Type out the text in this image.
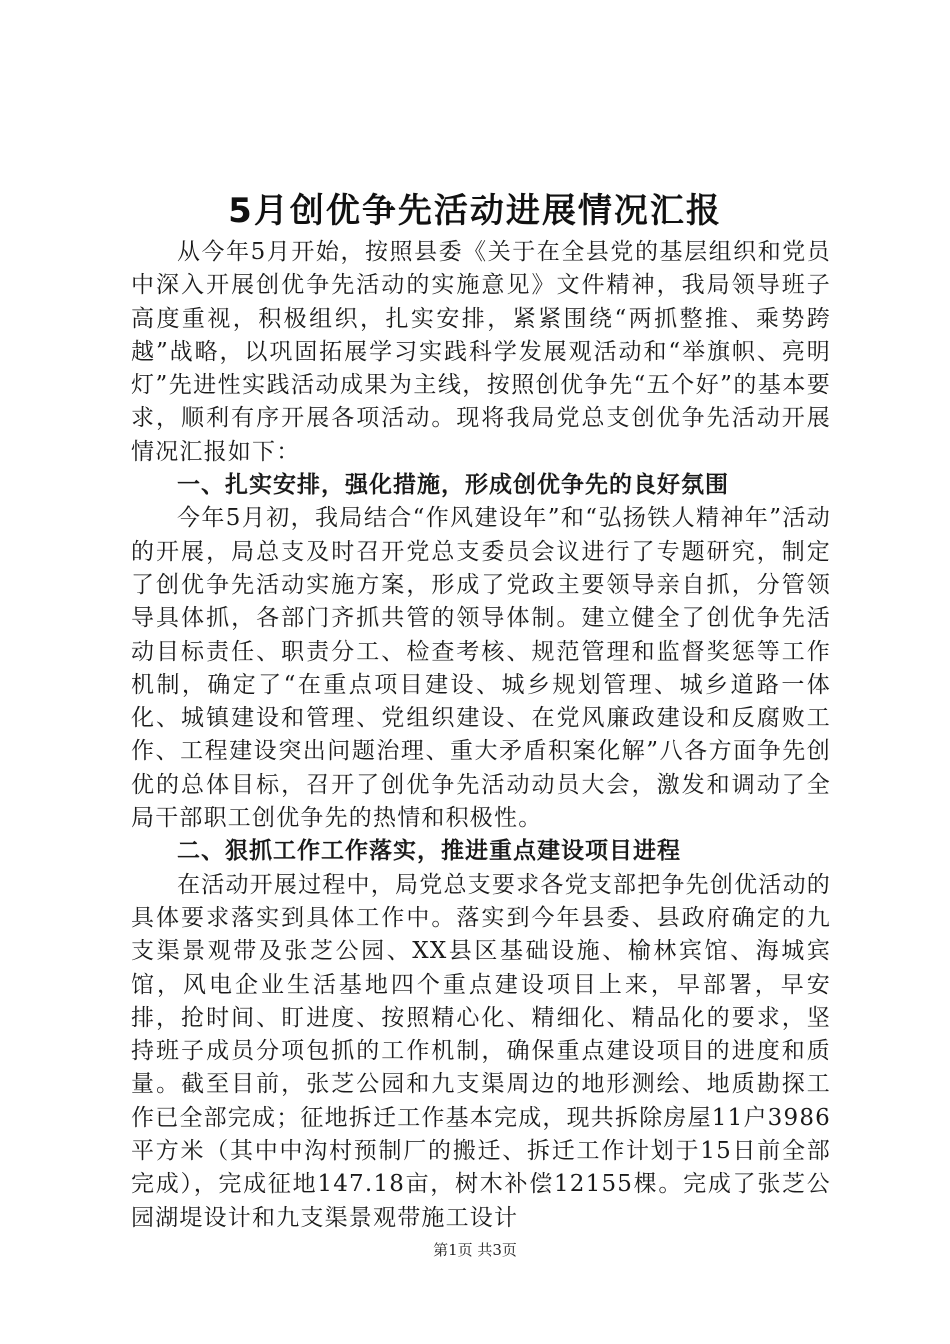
5月创优争先活动进展情况汇报

从今年5月开始，按照县委《关于在全县党的基层组织和党员中深入开展创优争先活动的实施意见》文件精神，我局领导班子高度重视，积极组织，扎实安排，紧紧围绕“两抓整推、乘势跨越”战略，以巩固拓展学习实践科学发展观活动和“举旗帜、亮明灯”先进性实践活动成果为主线，按照创优争先“五个好”的基本要求，顺利有序开展各项活动。现将我局党总支创优争先活动开展情况汇报如下：

一、扎实安排，强化措施，形成创优争先的良好氛围

今年5月初，我局结合“作风建设年”和“弘扬铁人精神年”活动的开展，局总支及时召开党总支委员会议进行了专题研究，制定了创优争先活动实施方案，形成了党政主要领导亲自抓，分管领导具体抓，各部门齐抓共管的领导体制。建立健全了创优争先活动目标责任、职责分工、检查考核、规范管理和监督奖惩等工作机制，确定了“在重点项目建设、城乡规划管理、城乡道路一体化、城镇建设和管理、党组织建设、在党风廉政建设和反腐败工作、工程建设突出问题治理、重大矛盾积案化解”八各方面争先创优的总体目标，召开了创优争先活动动员大会，激发和调动了全局干部职工创优争先的热情和积极性。

二、狠抓工作工作落实，推进重点建设项目进程

在活动开展过程中，局党总支要求各党支部把争先创优活动的具体要求落实到具体工作中。落实到今年县委、县政府确定的九支渠景观带及张芝公园、XX县区基础设施、榆林宾馆、海城宾馆，风电企业生活基地四个重点建设项目上来，早部署，早安排，抢时间、盯进度、按照精心化、精细化、精品化的要求，坚持班子成员分项包抓的工作机制，确保重点建设项目的进度和质量。截至目前，张芝公园和九支渠周边的地形测绘、地质勘探工作已全部完成；征地拆迁工作基本完成，现共拆除房屋11户3986平方米（其中中沟村预制厂的搬迁、拆迁工作计划于15日前全部完成），完成征地147.18亩，树木补偿12155棵。完成了张芝公园湖堤设计和九支渠景观带施工设计

第1页 共3页
